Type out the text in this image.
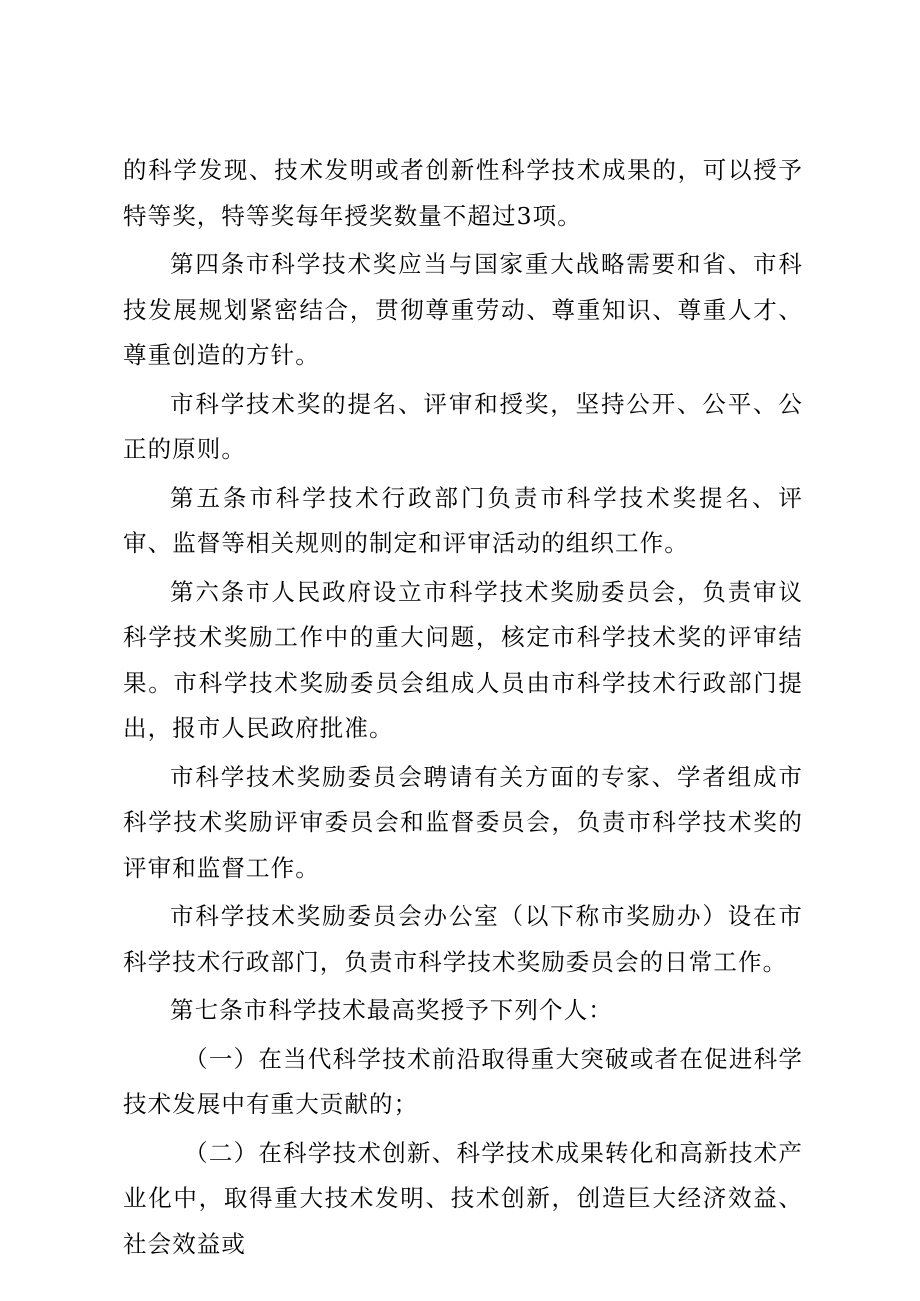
的科学发现、技术发明或者创新性科学技术成果的，可以授予特等奖，特等奖每年授奖数量不超过3项。

第四条市科学技术奖应当与国家重大战略需要和省、市科技发展规划紧密结合，贯彻尊重劳动、尊重知识、尊重人才、尊重创造的方针。

市科学技术奖的提名、评审和授奖，坚持公开、公平、公正的原则。

第五条市科学技术行政部门负责市科学技术奖提名、评审、监督等相关规则的制定和评审活动的组织工作。

第六条市人民政府设立市科学技术奖励委员会，负责审议科学技术奖励工作中的重大问题，核定市科学技术奖的评审结果。市科学技术奖励委员会组成人员由市科学技术行政部门提出，报市人民政府批准。

市科学技术奖励委员会聘请有关方面的专家、学者组成市科学技术奖励评审委员会和监督委员会，负责市科学技术奖的评审和监督工作。

市科学技术奖励委员会办公室（以下称市奖励办）设在市科学技术行政部门，负责市科学技术奖励委员会的日常工作。

第七条市科学技术最高奖授予下列个人：

（一）在当代科学技术前沿取得重大突破或者在促进科学技术发展中有重大贡献的；

（二）在科学技术创新、科学技术成果转化和高新技术产业化中，取得重大技术发明、技术创新，创造巨大经济效益、社会效益或
